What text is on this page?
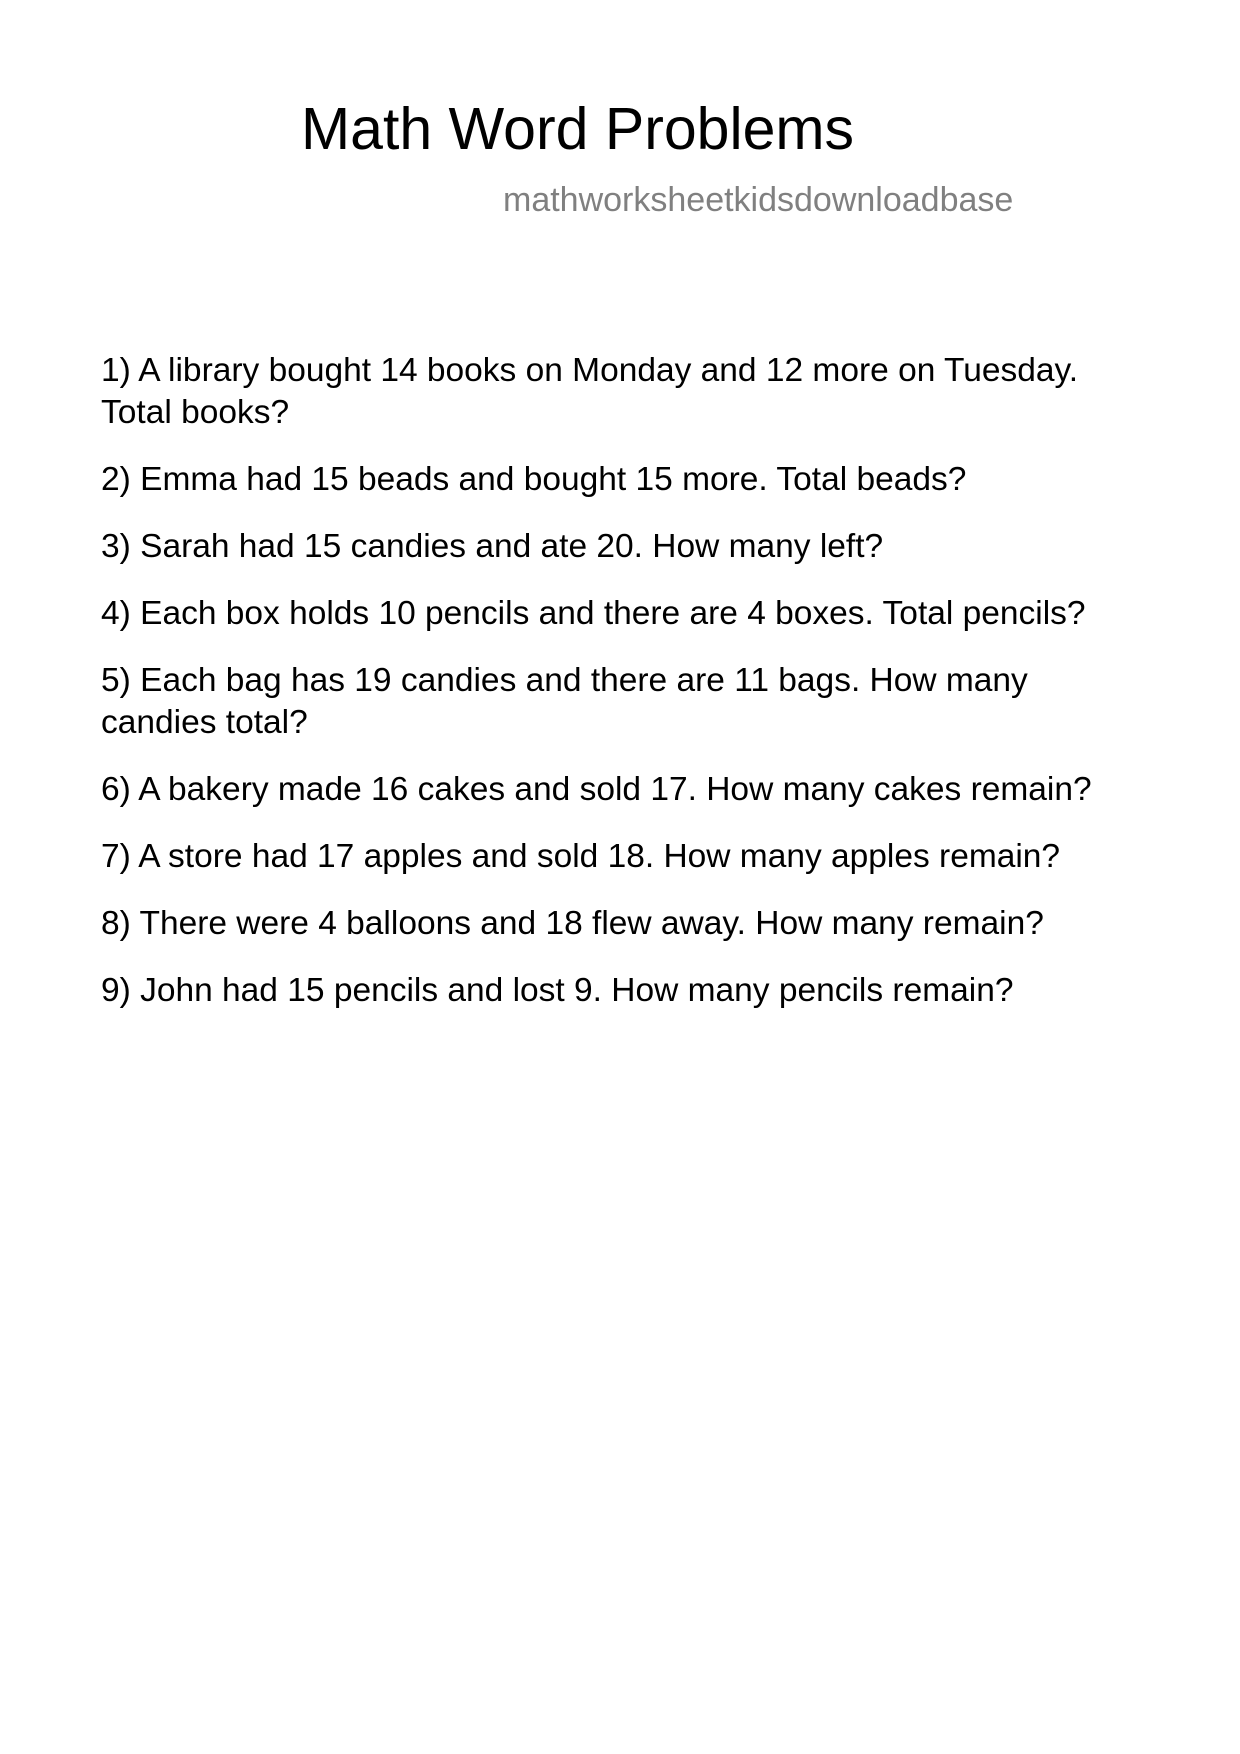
Math Word Problems
mathworksheetkidsdownloadbase
1) A library bought 14 books on Monday and 12 more on Tuesday. Total books?
2) Emma had 15 beads and bought 15 more. Total beads?
3) Sarah had 15 candies and ate 20. How many left?
4) Each box holds 10 pencils and there are 4 boxes. Total pencils?
5) Each bag has 19 candies and there are 11 bags. How many candies total?
6) A bakery made 16 cakes and sold 17. How many cakes remain?
7) A store had 17 apples and sold 18. How many apples remain?
8) There were 4 balloons and 18 flew away. How many remain?
9) John had 15 pencils and lost 9. How many pencils remain?
